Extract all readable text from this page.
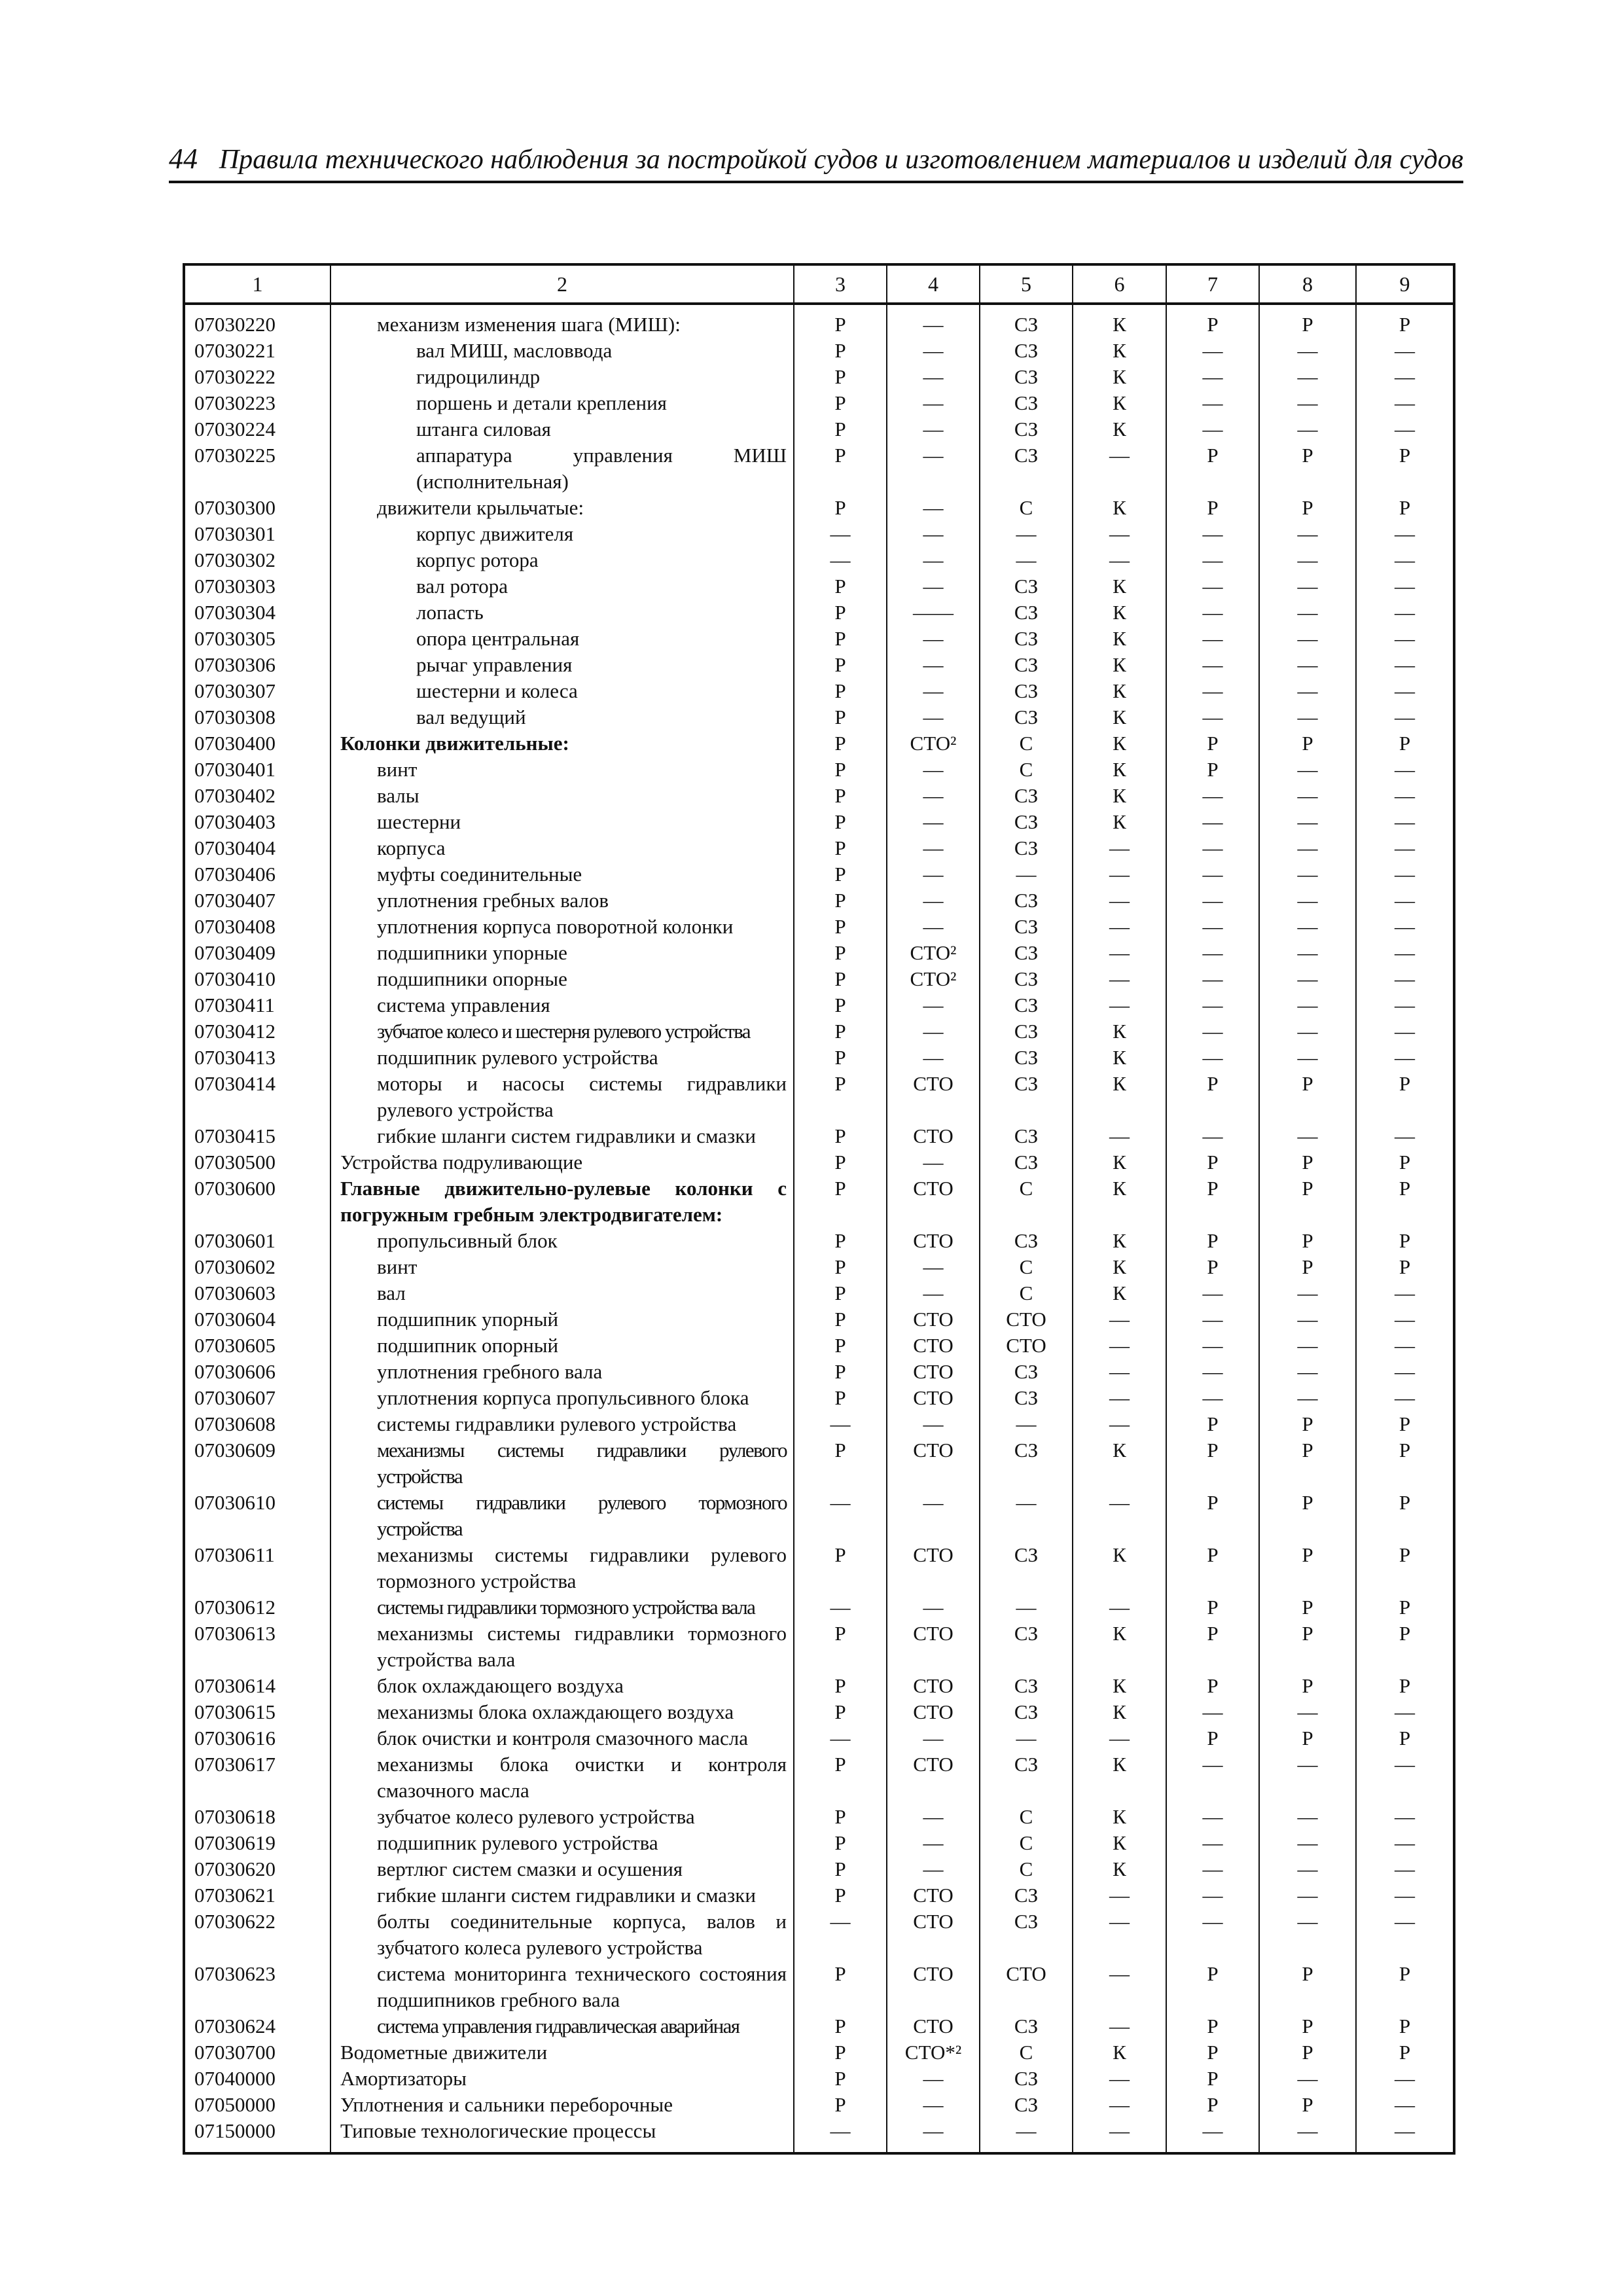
44 Правила технического наблюдения за постройкой судов и изготовлением материалов и изделий для судов
1	2	3	4	5	6	7	8	9
07030220	механизм изменения шага (МИШ):	Р	—	СЗ	К	Р	Р	Р
07030221	вал МИШ, масловвода	Р	—	СЗ	К	—	—	—
07030222	гидроцилиндр	Р	—	СЗ	К	—	—	—
07030223	поршень и детали крепления	Р	—	СЗ	К	—	—	—
07030224	штанга силовая	Р	—	СЗ	К	—	—	—
07030225	аппаратура управления МИШ (исполнительная)	Р	—	СЗ	—	Р	Р	Р
07030300	движители крыльчатые:	Р	—	С	К	Р	Р	Р
07030301	корпус движителя	—	—	—	—	—	—	—
07030302	корпус ротора	—	—	—	—	—	—	—
07030303	вал ротора	Р	—	СЗ	К	—	—	—
07030304	лопасть	Р	——	СЗ	К	—	—	—
07030305	опора центральная	Р	—	СЗ	К	—	—	—
07030306	рычаг управления	Р	—	СЗ	К	—	—	—
07030307	шестерни и колеса	Р	—	СЗ	К	—	—	—
07030308	вал ведущий	Р	—	СЗ	К	—	—	—
07030400	Колонки движительные:	Р	СТО²	С	К	Р	Р	Р
07030401	винт	Р	—	С	К	Р	—	—
07030402	валы	Р	—	СЗ	К	—	—	—
07030403	шестерни	Р	—	СЗ	К	—	—	—
07030404	корпуса	Р	—	СЗ	—	—	—	—
07030406	муфты соединительные	Р	—	—	—	—	—	—
07030407	уплотнения гребных валов	Р	—	СЗ	—	—	—	—
07030408	уплотнения корпуса поворотной колонки	Р	—	СЗ	—	—	—	—
07030409	подшипники упорные	Р	СТО²	СЗ	—	—	—	—
07030410	подшипники опорные	Р	СТО²	СЗ	—	—	—	—
07030411	система управления	Р	—	СЗ	—	—	—	—
07030412	зубчатое колесо и шестерня рулевого устройства	Р	—	СЗ	К	—	—	—
07030413	подшипник рулевого устройства	Р	—	СЗ	К	—	—	—
07030414	моторы и насосы системы гидравлики рулевого устройства	Р	СТО	СЗ	К	Р	Р	Р
07030415	гибкие шланги систем гидравлики и смазки	Р	СТО	СЗ	—	—	—	—
07030500	Устройства подруливающие	Р	—	СЗ	К	Р	Р	Р
07030600	Главные движительно-рулевые колонки с погружным гребным электродвигателем:	Р	СТО	С	К	Р	Р	Р
07030601	пропульсивный блок	Р	СТО	СЗ	К	Р	Р	Р
07030602	винт	Р	—	С	К	Р	Р	Р
07030603	вал	Р	—	С	К	—	—	—
07030604	подшипник упорный	Р	СТО	СТО	—	—	—	—
07030605	подшипник опорный	Р	СТО	СТО	—	—	—	—
07030606	уплотнения гребного вала	Р	СТО	СЗ	—	—	—	—
07030607	уплотнения корпуса пропульсивного блока	Р	СТО	СЗ	—	—	—	—
07030608	системы гидравлики рулевого устройства	—	—	—	—	Р	Р	Р
07030609	механизмы системы гидравлики рулевого устройства	Р	СТО	СЗ	К	Р	Р	Р
07030610	системы гидравлики рулевого тормозного устройства	—	—	—	—	Р	Р	Р
07030611	механизмы системы гидравлики рулевого тормозного устройства	Р	СТО	СЗ	К	Р	Р	Р
07030612	системы гидравлики тормозного устройства вала	—	—	—	—	Р	Р	Р
07030613	механизмы системы гидравлики тормозного устройства вала	Р	СТО	СЗ	К	Р	Р	Р
07030614	блок охлаждающего воздуха	Р	СТО	СЗ	К	Р	Р	Р
07030615	механизмы блока охлаждающего воздуха	Р	СТО	СЗ	К	—	—	—
07030616	блок очистки и контроля смазочного масла	—	—	—	—	Р	Р	Р
07030617	механизмы блока очистки и контроля смазочного масла	Р	СТО	СЗ	К	—	—	—
07030618	зубчатое колесо рулевого устройства	Р	—	С	К	—	—	—
07030619	подшипник рулевого устройства	Р	—	С	К	—	—	—
07030620	вертлюг систем смазки и осушения	Р	—	С	К	—	—	—
07030621	гибкие шланги систем гидравлики и смазки	Р	СТО	СЗ	—	—	—	—
07030622	болты соединительные корпуса, валов и зубчатого колеса рулевого устройства	—	СТО	СЗ	—	—	—	—
07030623	система мониторинга технического состояния подшипников гребного вала	Р	СТО	СТО	—	Р	Р	Р
07030624	система управления гидравлическая аварийная	Р	СТО	СЗ	—	Р	Р	Р
07030700	Водометные движители	Р	СТО*²	С	К	Р	Р	Р
07040000	Амортизаторы	Р	—	СЗ	—	Р	—	—
07050000	Уплотнения и сальники переборочные	Р	—	СЗ	—	Р	Р	—
07150000	Типовые технологические процессы	—	—	—	—	—	—	—
